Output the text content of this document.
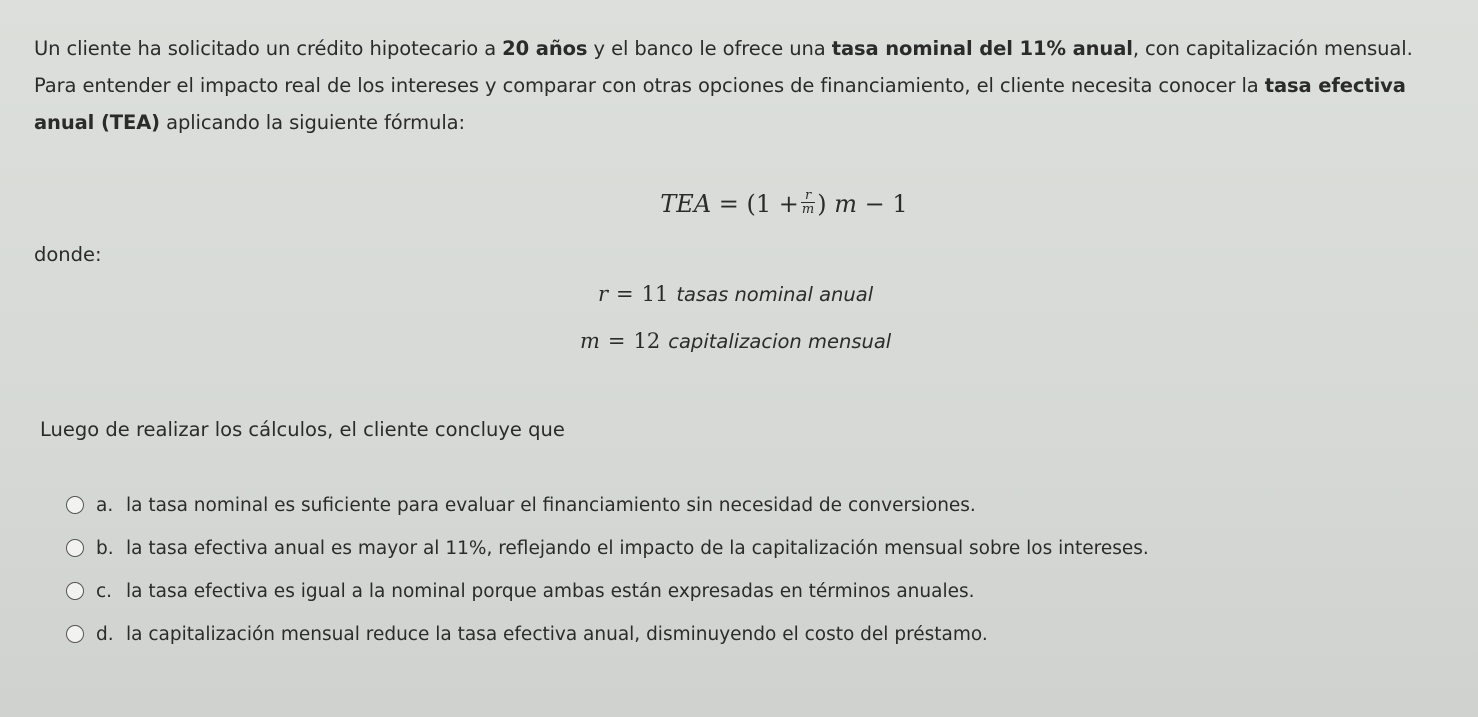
Un cliente ha solicitado un crédito hipotecario a 20 años y el banco le ofrece una tasa nominal del 11% anual, con capitalización mensual. Para entender el impacto real de los intereses y comparar con otras opciones de financiamiento, el cliente necesita conocer la tasa efectiva anual (TEA) aplicando la siguiente fórmula:
TEA = ($1 + \frac{r}{m}$ ) m − 1
donde:
r = 11 tasas nominal anual
m = 12 capitalizacion mensual
Luego de realizar los cálculos, el cliente concluye que
a. la tasa nominal es suficiente para evaluar el financiamiento sin necesidad de conversiones.
b. la tasa efectiva anual es mayor al 11%, reflejando el impacto de la capitalización mensual sobre los intereses.
c. la tasa efectiva es igual a la nominal porque ambas están expresadas en términos anuales.
d. la capitalización mensual reduce la tasa efectiva anual, disminuyendo el costo del préstamo.
